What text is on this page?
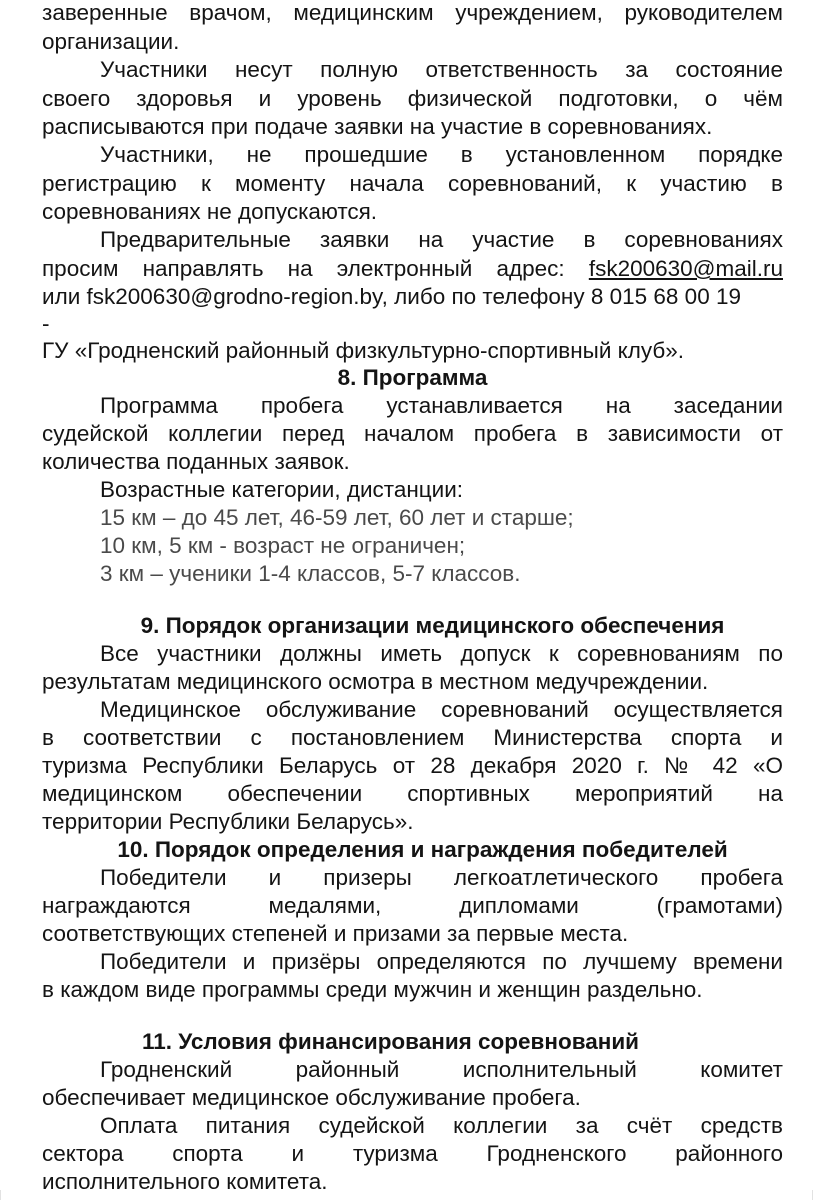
заверенные врачом, медицинским учреждением, руководителем
организации.
Участники несут полную ответственность за состояние
своего здоровья и уровень физической подготовки, о чём
расписываются при подаче заявки на участие в соревнованиях.
Участники, не прошедшие в установленном порядке
регистрацию к моменту начала соревнований, к участию в
соревнованиях не допускаются.
Предварительные заявки на участие в соревнованиях
просим направлять на электронный адрес: fsk200630@mail.ru
или fsk200630@grodno-region.by, либо по телефону 8 015 68 00 19
-
ГУ «Гродненский районный физкультурно-спортивный клуб».
8. Программа
Программа пробега устанавливается на заседании
судейской коллегии перед началом пробега в зависимости от
количества поданных заявок.
Возрастные категории, дистанции:
15 км – до 45 лет, 46-59 лет, 60 лет и старше;
10 км, 5 км - возраст не ограничен;
3 км – ученики 1-4 классов, 5-7 классов.
9. Порядок организации медицинского обеспечения
Все участники должны иметь допуск к соревнованиям по
результатам медицинского осмотра в местном медучреждении.
Медицинское обслуживание соревнований осуществляется
в соответствии с постановлением Министерства спорта и
туризма Республики Беларусь от 28 декабря 2020 г. № 42 «О
медицинском обеспечении спортивных мероприятий на
территории Республики Беларусь».
10. Порядок определения и награждения победителей
Победители и призеры легкоатлетического пробега
награждаются медалями, дипломами (грамотами)
соответствующих степеней и призами за первые места.
Победители и призёры определяются по лучшему времени
в каждом виде программы среди мужчин и женщин раздельно.
11. Условия финансирования соревнований
Гродненский районный исполнительный комитет
обеспечивает медицинское обслуживание пробега.
Оплата питания судейской коллегии за счёт средств
сектора спорта и туризма Гродненского районного
исполнительного комитета.
